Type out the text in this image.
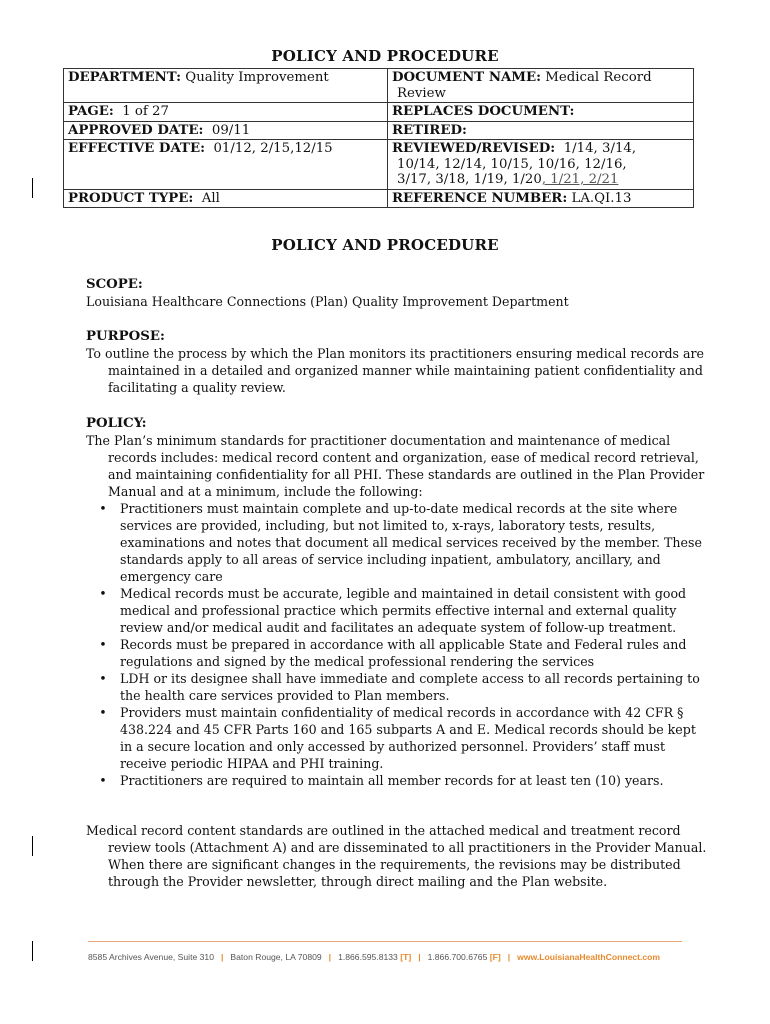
POLICY AND PROCEDURE
DEPARTMENT: Quality Improvement	DOCUMENT NAME: Medical Record
Review

PAGE: 1 of 27	REPLACES DOCUMENT:
APPROVED DATE: 09/11	RETIRED:
EFFECTIVE DATE: 01/12, 2/15,12/15	REVIEWED/REVISED: 1/14, 3/14,
10/14, 12/14, 10/15, 10/16, 12/16,
3/17, 3/18, 1/19, 1/20, 1/21, 2/21

PRODUCT TYPE: All	REFERENCE NUMBER: LA.QI.13
POLICY AND PROCEDURE
SCOPE:
Louisiana Healthcare Connections (Plan) Quality Improvement Department
PURPOSE:

To outline the process by which the Plan monitors its practitioners ensuring medical records are maintained in a detailed and organized manner while maintaining patient confidentiality and facilitating a quality review.

POLICY:

The Plan’s minimum standards for practitioner documentation and maintenance of medical records includes: medical record content and organization, ease of medical record retrieval, and maintaining confidentiality for all PHI. These standards are outlined in the Plan Provider Manual and at a minimum, include the following:

• Practitioners must maintain complete and up-to-date medical records at the site where services are provided, including, but not limited to, x-rays, laboratory tests, results, examinations and notes that document all medical services received by the member. These standards apply to all areas of service including inpatient, ambulatory, ancillary, and emergency care
• Medical records must be accurate, legible and maintained in detail consistent with good medical and professional practice which permits effective internal and external quality review and/or medical audit and facilitates an adequate system of follow-up treatment.
• Records must be prepared in accordance with all applicable State and Federal rules and regulations and signed by the medical professional rendering the services
• LDH or its designee shall have immediate and complete access to all records pertaining to the health care services provided to Plan members.
• Providers must maintain confidentiality of medical records in accordance with 42 CFR § 438.224 and 45 CFR Parts 160 and 165 subparts A and E. Medical records should be kept in a secure location and only accessed by authorized personnel. Providers’ staff must receive periodic HIPAA and PHI training.
• Practitioners are required to maintain all member records for at least ten (10) years.

Medical record content standards are outlined in the attached medical and treatment record review tools (Attachment A) and are disseminated to all practitioners in the Provider Manual. When there are significant changes in the requirements, the revisions may be distributed through the Provider newsletter, through direct mailing and the Plan website.

8585 Archives Avenue, Suite 310 | Baton Rouge, LA 70809 | 1.866.595.8133 [T] | 1.866.700.6765 [F] | www.LouisianaHealthConnect.com
